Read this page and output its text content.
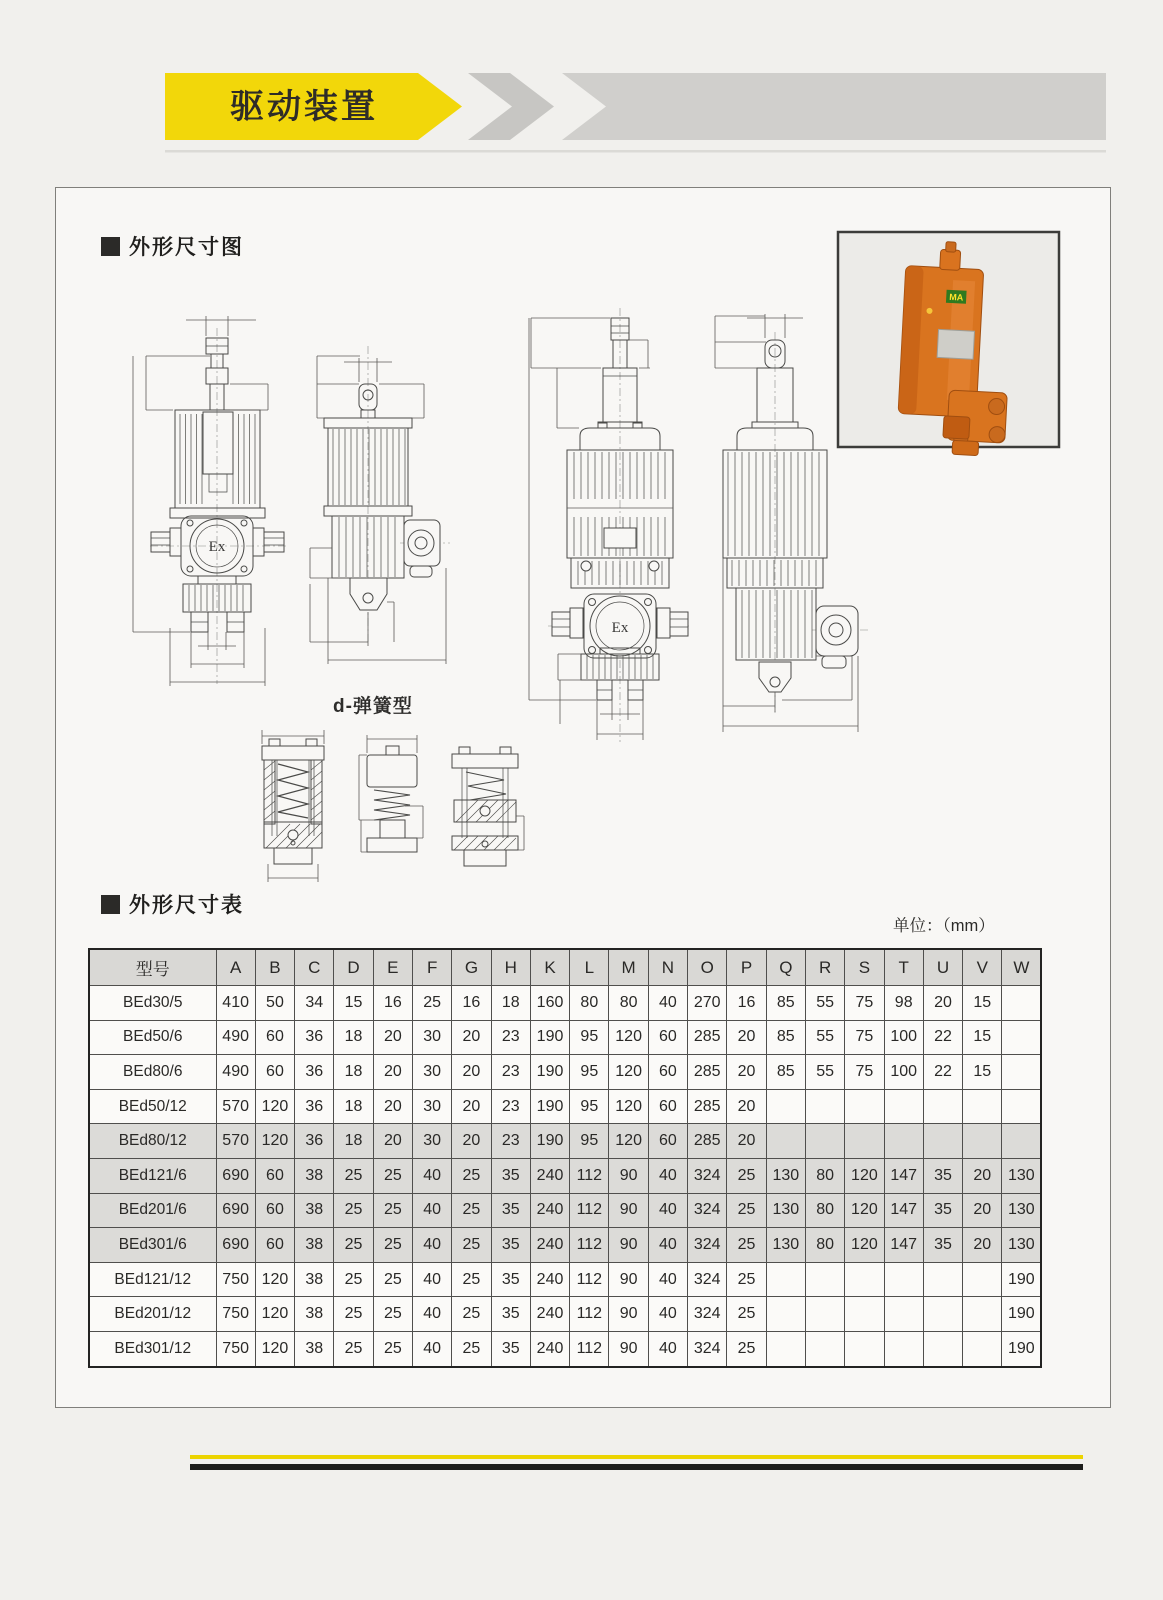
驱动装置
外形尺寸图
d-弹簧型
外形尺寸表
单位：（mm）
Ex
F
B
E
A
N
M
K
F
D
C	E
H
P
L
G
O
Ex
B
w
A
E
K
H
P	N
M
D
C
F
G
L
O
Q
S
R
T
C
U
V
MA
型号	A	B	C	D	E	F	G	H	K	L	M	N	O	P	Q	R	S	T	U	V	W
BEd30/5	410	50	34	15	16	25	16	18	160	80	80	40	270	16	85	55	75	98	20	15	
BEd50/6	490	60	36	18	20	30	20	23	190	95	120	60	285	20	85	55	75	100	22	15	
BEd80/6	490	60	36	18	20	30	20	23	190	95	120	60	285	20	85	55	75	100	22	15	
BEd50/12	570	120	36	18	20	30	20	23	190	95	120	60	285	20							
BEd80/12	570	120	36	18	20	30	20	23	190	95	120	60	285	20							
BEd121/6	690	60	38	25	25	40	25	35	240	112	90	40	324	25	130	80	120	147	35	20	130
BEd201/6	690	60	38	25	25	40	25	35	240	112	90	40	324	25	130	80	120	147	35	20	130
BEd301/6	690	60	38	25	25	40	25	35	240	112	90	40	324	25	130	80	120	147	35	20	130
BEd121/12	750	120	38	25	25	40	25	35	240	112	90	40	324	25							190
BEd201/12	750	120	38	25	25	40	25	35	240	112	90	40	324	25							190
BEd301/12	750	120	38	25	25	40	25	35	240	112	90	40	324	25							190
